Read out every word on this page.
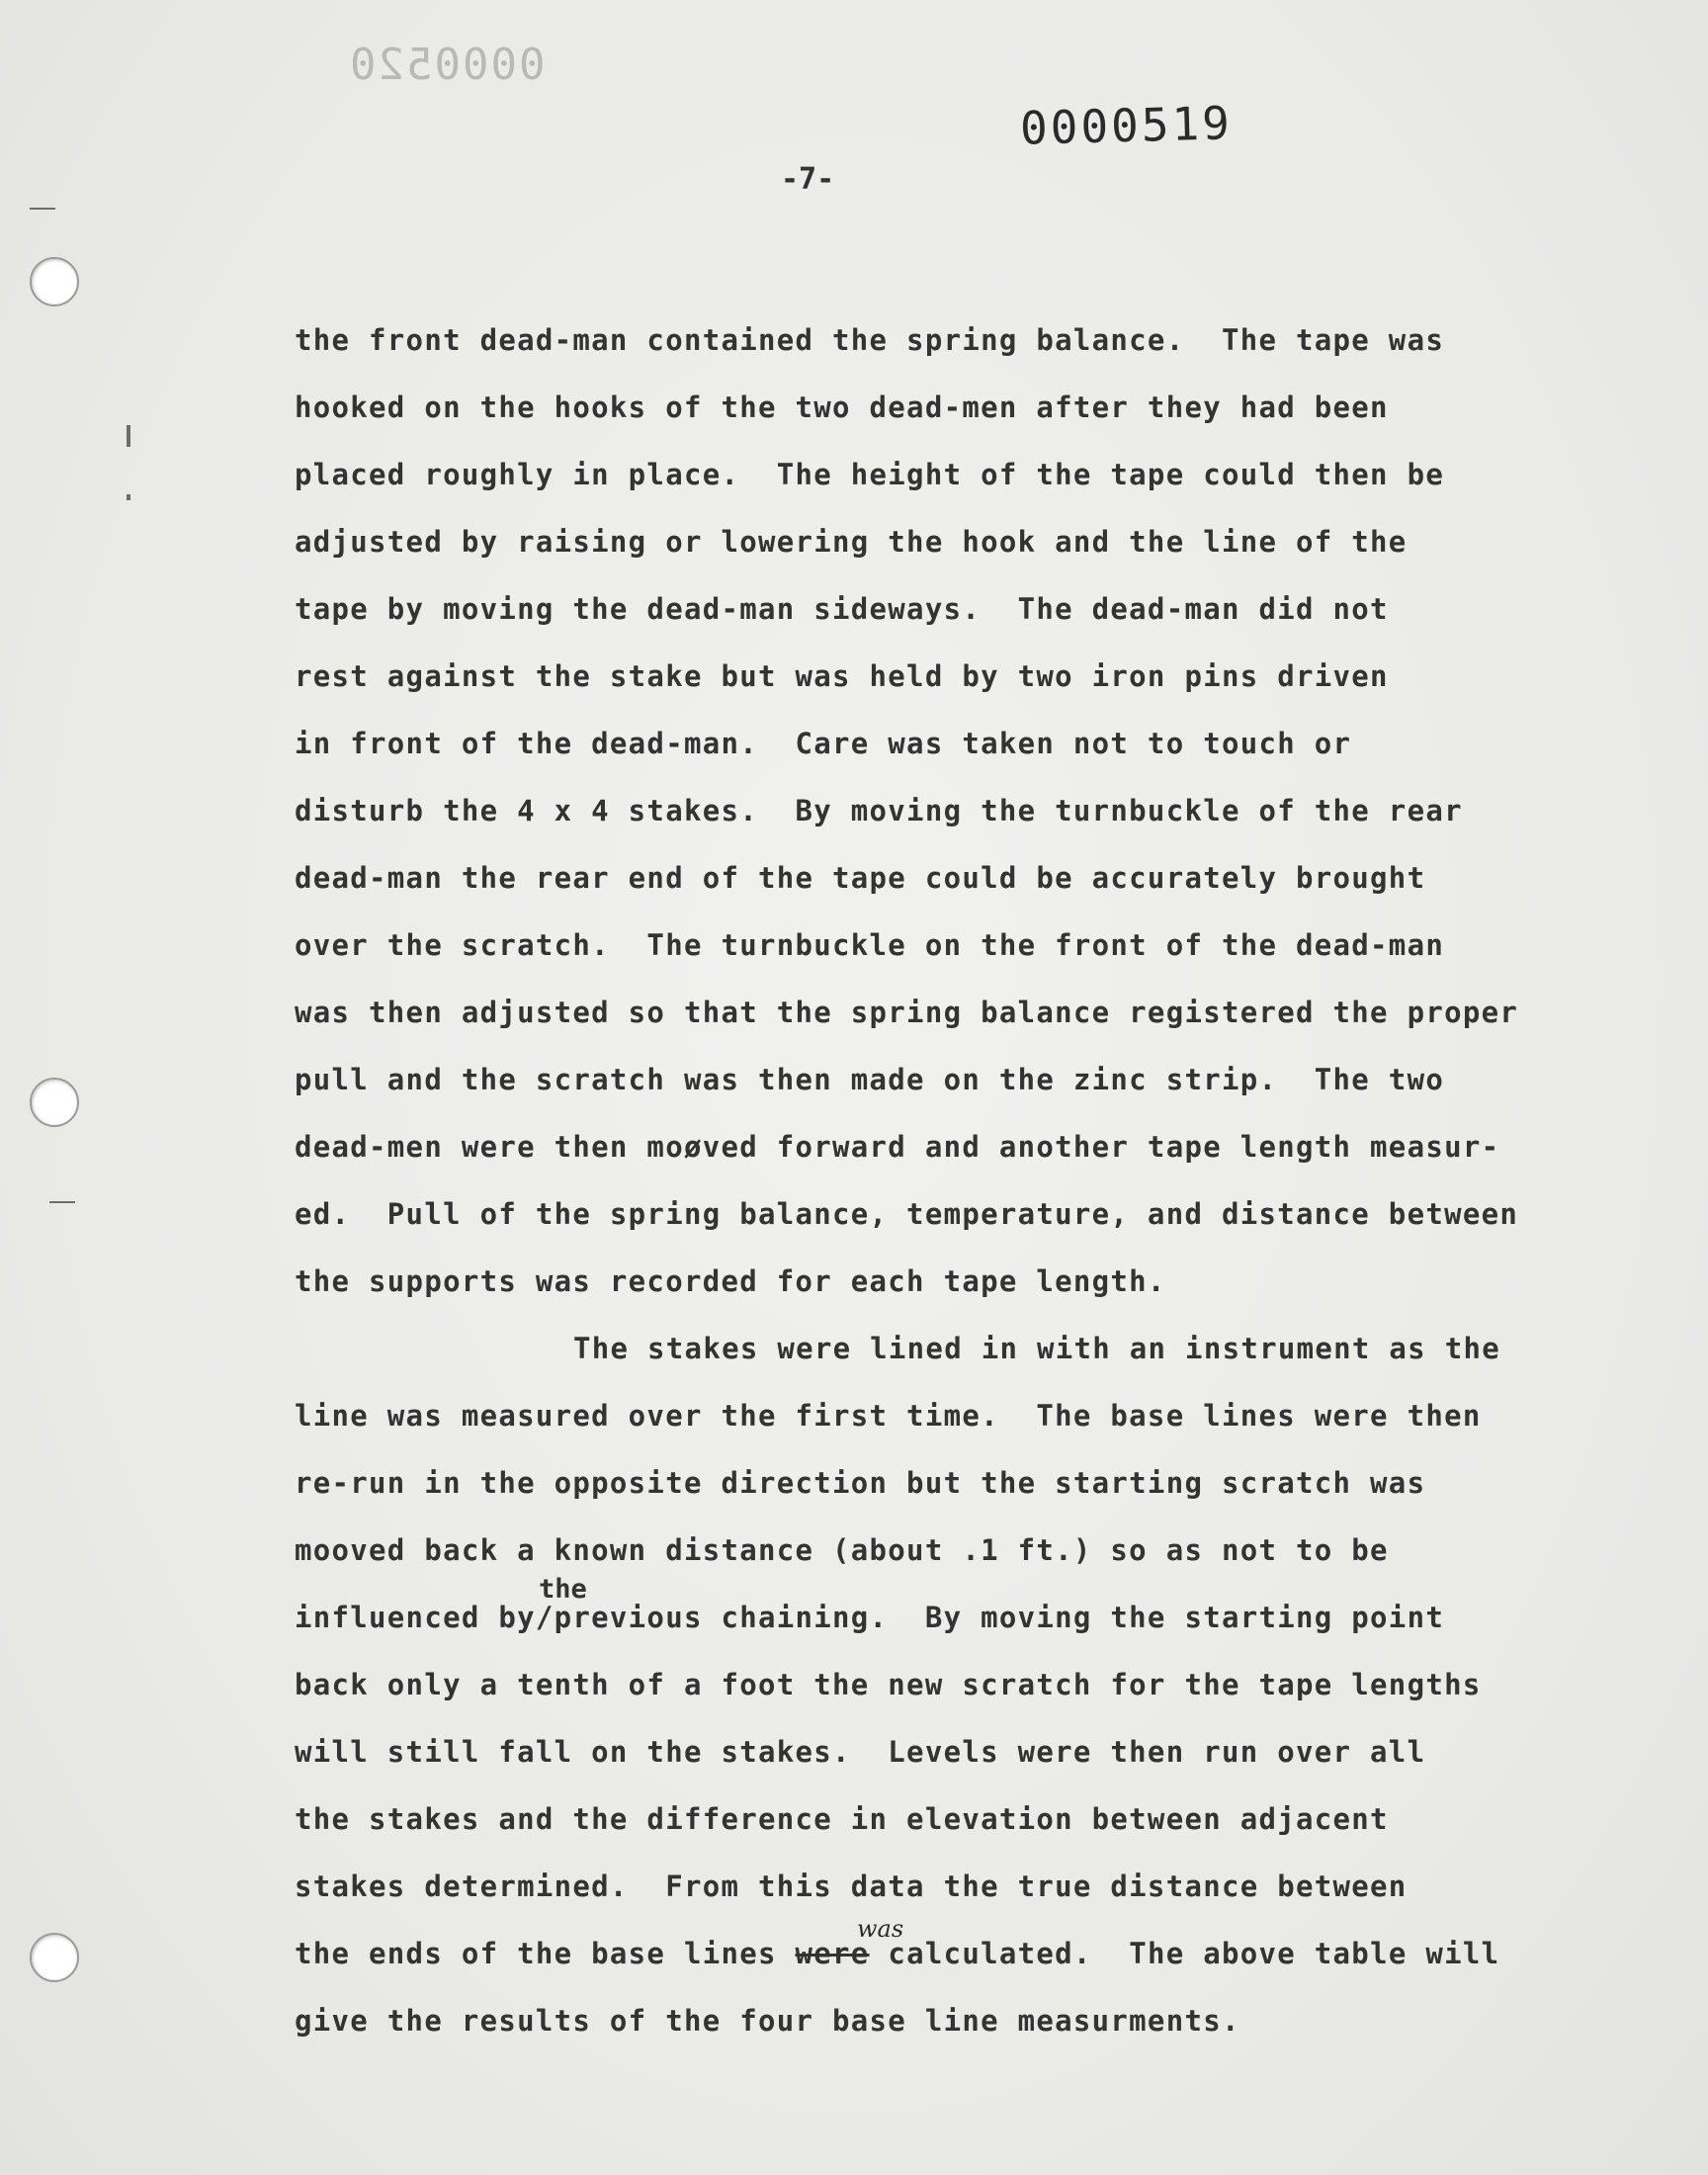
0000520
0000519
-7-
the front dead-man contained the spring balance.  The tape was
hooked on the hooks of the two dead-men after they had been
placed roughly in place.  The height of the tape could then be
adjusted by raising or lowering the hook and the line of the
tape by moving the dead-man sideways.  The dead-man did not
rest against the stake but was held by two iron pins driven
in front of the dead-man.  Care was taken not to touch or
disturb the 4 x 4 stakes.  By moving the turnbuckle of the rear
dead-man the rear end of the tape could be accurately brought
over the scratch.  The turnbuckle on the front of the dead-man
was then adjusted so that the spring balance registered the proper
pull and the scratch was then made on the zinc strip.  The two
dead-men were then moøved forward and another tape length measur-
ed.  Pull of the spring balance, temperature, and distance between
the supports was recorded for each tape length.
The stakes were lined in with an instrument as the
line was measured over the first time.  The base lines were then
re-run in the opposite direction but the starting scratch was
mooved back a known distance (about .1 ft.) so as not to be
influenced by/previous chaining.  By moving the starting point
back only a tenth of a foot the new scratch for the tape lengths
will still fall on the stakes.  Levels were then run over all
the stakes and the difference in elevation between adjacent
stakes determined.  From this data the true distance between
the ends of the base lines were calculated.  The above table will
give the results of the four base line measurments.
the
was
